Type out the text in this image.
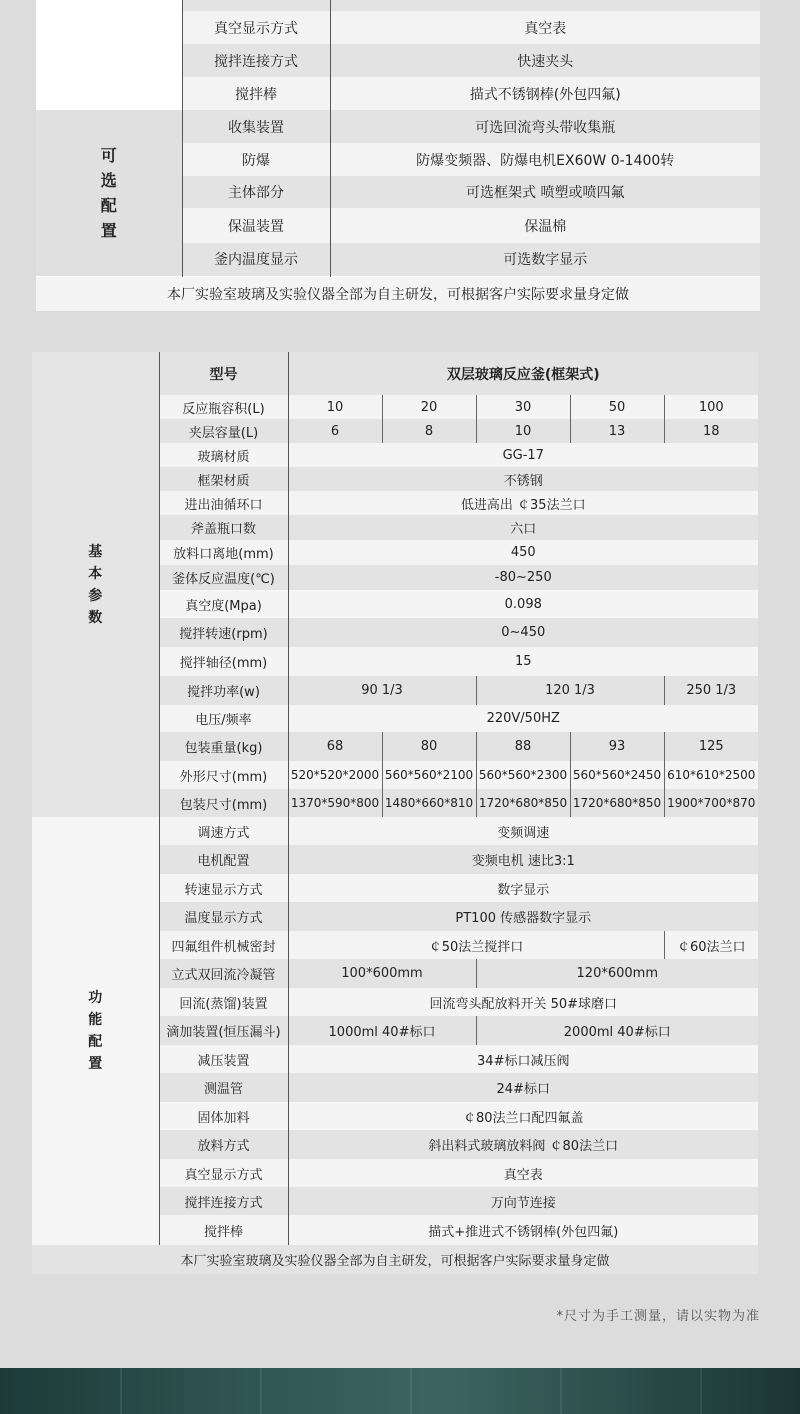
	真空显示方式	真空表
	搅拌连接方式	快速夹头
	搅拌棒	描式不锈钢棒(外包四氟)
可选配置	收集装置	可选回流弯头带收集瓶
	防爆	防爆变频器、防爆电机EX60W 0-1400转
	主体部分	可选框架式 喷塑或喷四氟
	保温装置	保温棉
	釜内温度显示	可选数字显示
本厂实验室玻璃及实验仪器全部为自主研发，可根据客户实际要求量身定做		
基本参数	型号	双层玻璃反应釜(框架式)				
	反应瓶容积(L)	10	20	30	50	100
	夹层容量(L)	6	8	10	13	18
	玻璃材质	GG-17				
	框架材质	不锈钢				
	进出油循环口	低进高出 ￠35法兰口				
	斧盖瓶口数	六口				
	放料口离地(mm)	450				
	釜体反应温度(℃)	-80~250				
	真空度(Mpa)	0.098				
	搅拌转速(rpm)	0~450				
	搅拌轴径(mm)	15				
	搅拌功率(w)	90 1/3		120 1/3		250 1/3
	电压/频率	220V/50HZ				
	包装重量(kg)	68	80	88	93	125
	外形尺寸(mm)	520*520*2000	560*560*2100	560*560*2300	560*560*2450	610*610*2500
	包装尺寸(mm)	1370*590*800	1480*660*810	1720*680*850	1720*680*850	1900*700*870

功能配置	调速方式	变频调速				
	电机配置	变频电机 速比3:1				
	转速显示方式	数字显示				
	温度显示方式	PT100 传感器数字显示				
	四氟组件机械密封	￠50法兰搅拌口				￠60法兰口
	立式双回流冷凝管	100*600mm		120*600mm		
	回流(蒸馏)装置	回流弯头配放料开关 50#球磨口				
	滴加装置(恒压漏斗)	1000ml 40#标口		2000ml 40#标口		
	减压装置	34#标口减压阀				
	测温管	24#标口				
	固体加料	￠80法兰口配四氟盖				
	放料方式	斜出料式玻璃放料阀 ￠80法兰口				
	真空显示方式	真空表				
	搅拌连接方式	万向节连接				
	搅拌棒	描式+推进式不锈钢棒(外包四氟)				
本厂实验室玻璃及实验仪器全部为自主研发，可根据客户实际要求量身定做						
*尺寸为手工测量，请以实物为准
